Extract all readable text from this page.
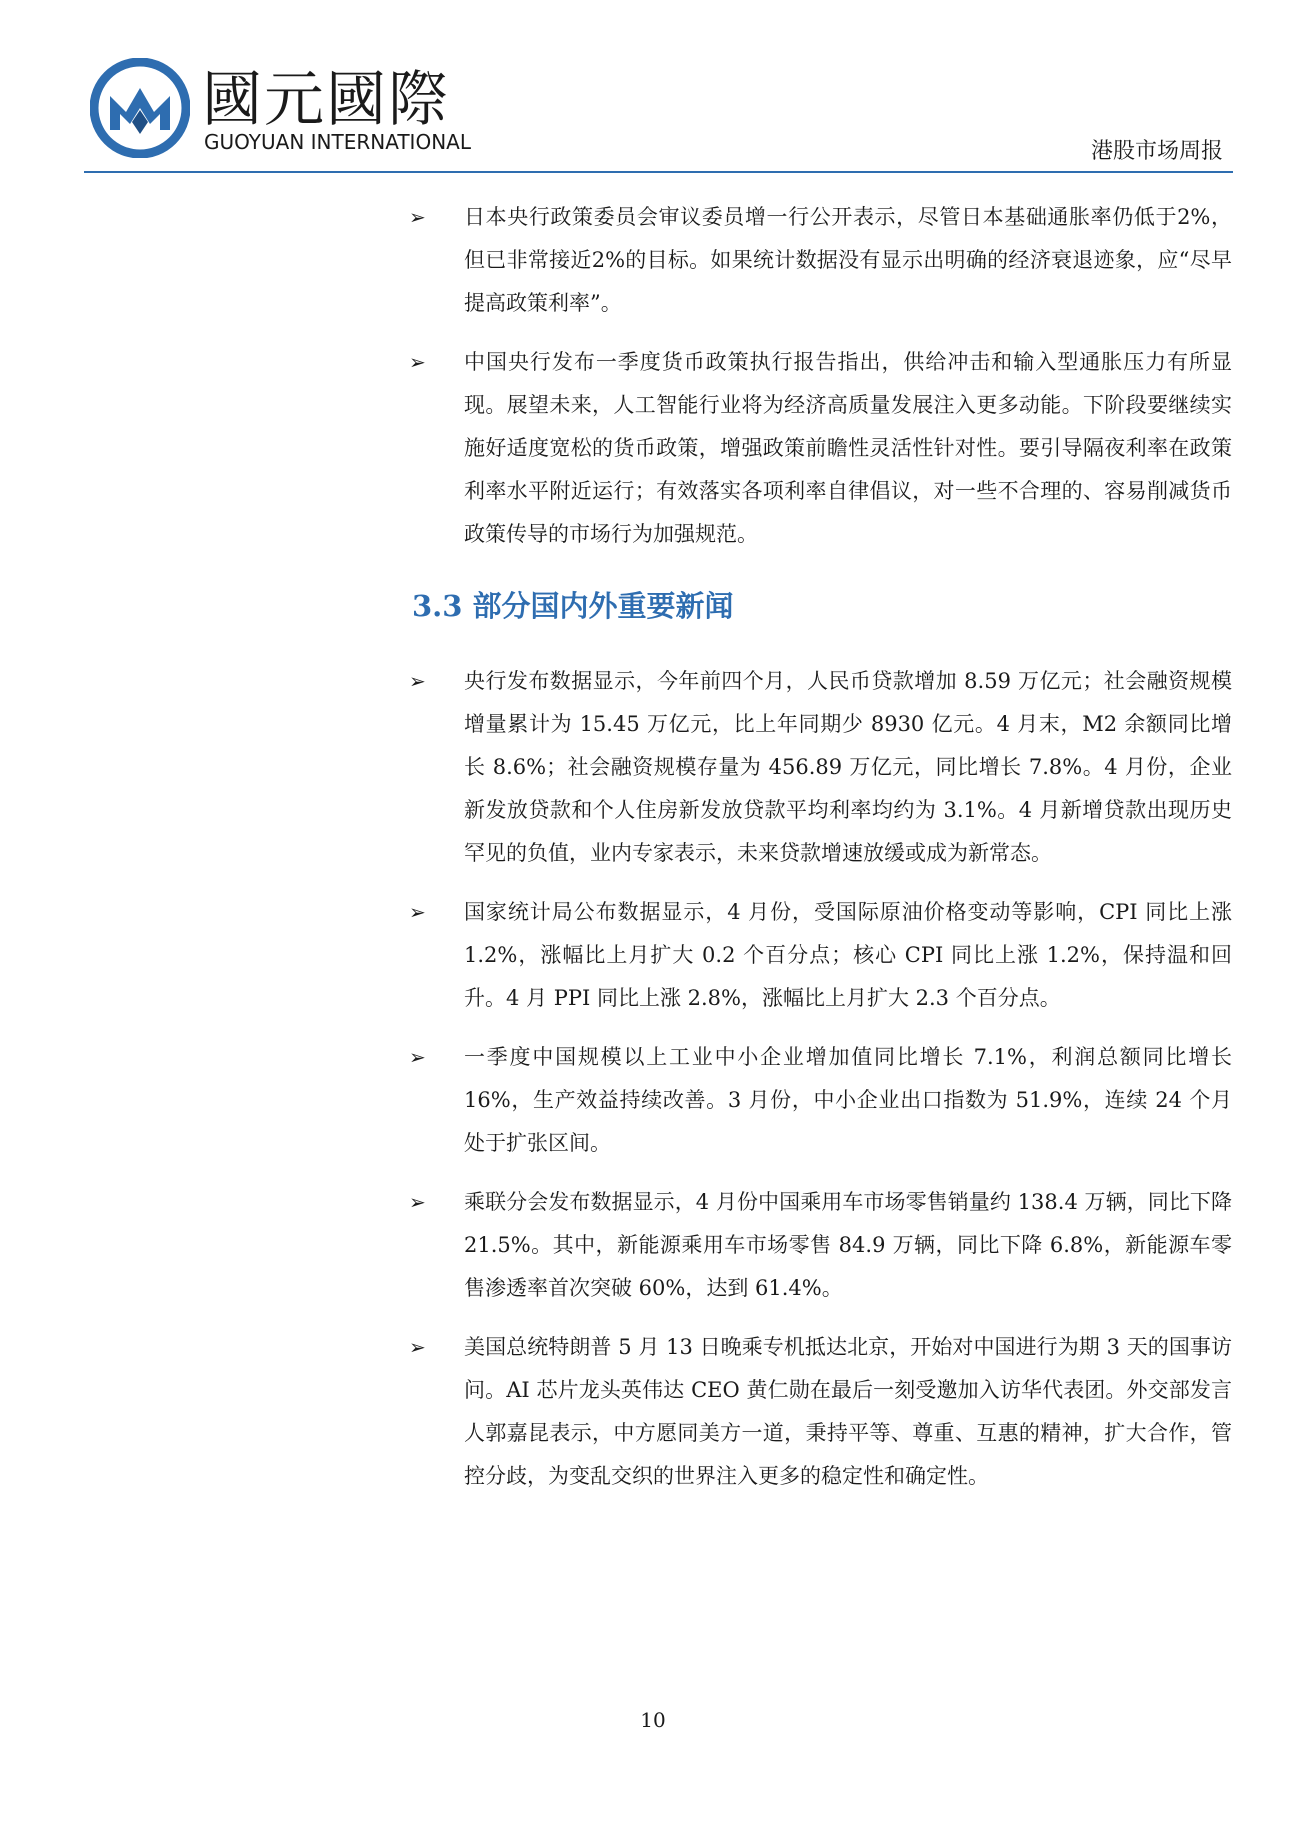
國元國際
GUOYUAN INTERNATIONAL	港股市场周报
➢ 日本央行政策委员会审议委员增一行公开表示，尽管日本基础通胀率仍低于2%，但已非常接近2%的目标。如果统计数据没有显示出明确的经济衰退迹象，应“尽早提高政策利率”。
➢ 中国央行发布一季度货币政策执行报告指出，供给冲击和输入型通胀压力有所显现。展望未来，人工智能行业将为经济高质量发展注入更多动能。下阶段要继续实施好适度宽松的货币政策，增强政策前瞻性灵活性针对性。要引导隔夜利率在政策利率水平附近运行；有效落实各项利率自律倡议，对一些不合理的、容易削减货币政策传导的市场行为加强规范。
3.3 部分国内外重要新闻
➢ 央行发布数据显示，今年前四个月，人民币贷款增加 8.59 万亿元；社会融资规模增量累计为 15.45 万亿元，比上年同期少 8930 亿元。4 月末，M2 余额同比增长 8.6%；社会融资规模存量为 456.89 万亿元，同比增长 7.8%。4 月份，企业新发放贷款和个人住房新发放贷款平均利率均约为 3.1%。4 月新增贷款出现历史罕见的负值，业内专家表示，未来贷款增速放缓或成为新常态。
➢ 国家统计局公布数据显示，4 月份，受国际原油价格变动等影响，CPI 同比上涨 1.2%，涨幅比上月扩大 0.2 个百分点；核心 CPI 同比上涨 1.2%，保持温和回升。4 月 PPI 同比上涨 2.8%，涨幅比上月扩大 2.3 个百分点。
➢ 一季度中国规模以上工业中小企业增加值同比增长 7.1%，利润总额同比增长 16%，生产效益持续改善。3 月份，中小企业出口指数为 51.9%，连续 24 个月处于扩张区间。
➢ 乘联分会发布数据显示，4 月份中国乘用车市场零售销量约 138.4 万辆，同比下降 21.5%。其中，新能源乘用车市场零售 84.9 万辆，同比下降 6.8%，新能源车零售渗透率首次突破 60%，达到 61.4%。
➢ 美国总统特朗普 5 月 13 日晚乘专机抵达北京，开始对中国进行为期 3 天的国事访问。AI 芯片龙头英伟达 CEO 黄仁勋在最后一刻受邀加入访华代表团。外交部发言人郭嘉昆表示，中方愿同美方一道，秉持平等、尊重、互惠的精神，扩大合作，管控分歧，为变乱交织的世界注入更多的稳定性和确定性。
10
